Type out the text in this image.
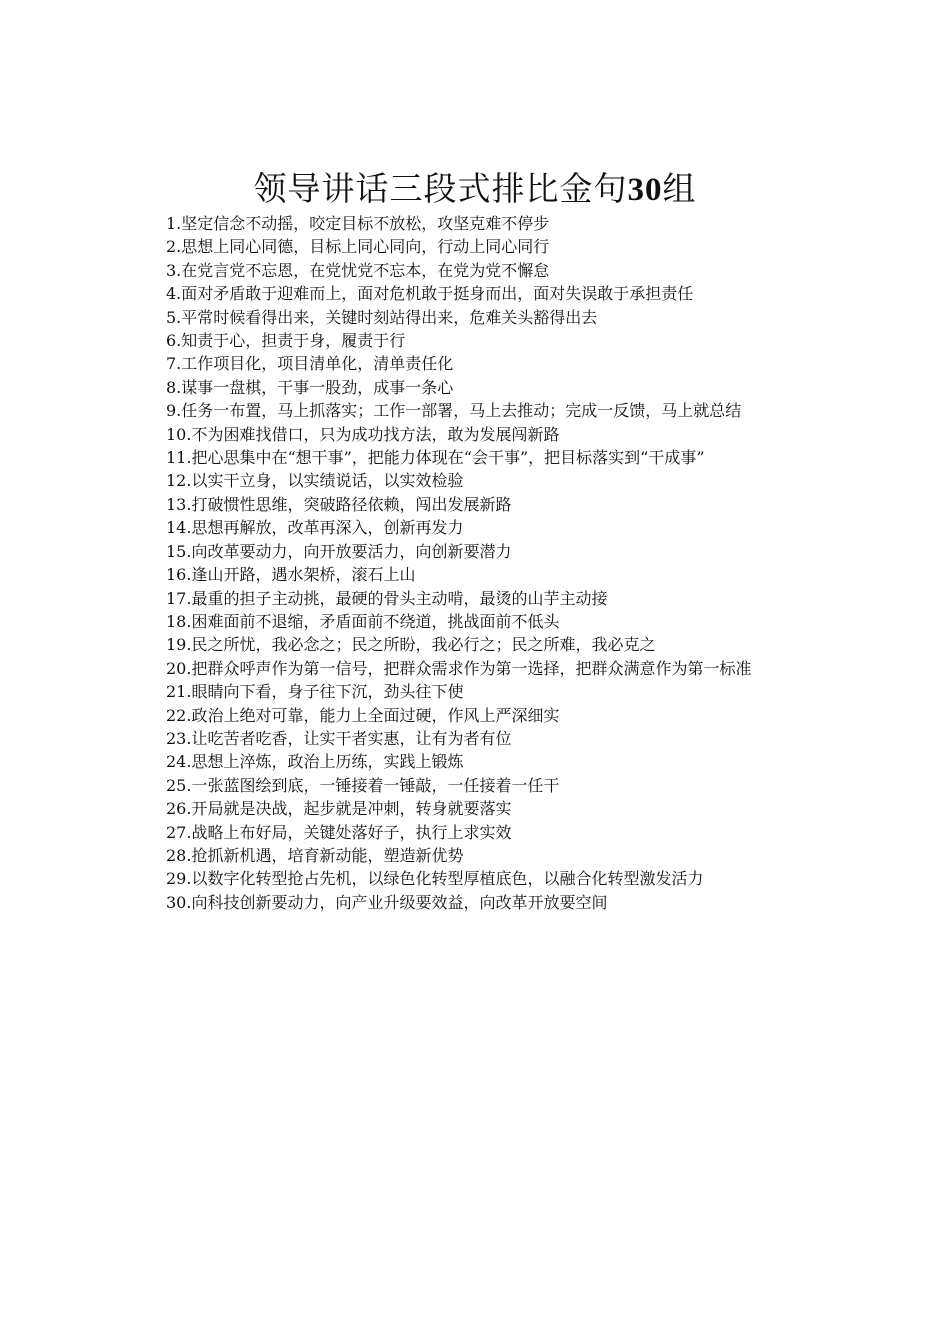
领导讲话三段式排比金句30组
1.坚定信念不动摇，咬定目标不放松，攻坚克难不停步
2.思想上同心同德，目标上同心同向，行动上同心同行
3.在党言党不忘恩，在党忧党不忘本，在党为党不懈怠
4.面对矛盾敢于迎难而上，面对危机敢于挺身而出，面对失误敢于承担责任
5.平常时候看得出来，关键时刻站得出来，危难关头豁得出去
6.知责于心，担责于身，履责于行
7.工作项目化，项目清单化，清单责任化
8.谋事一盘棋，干事一股劲，成事一条心
9.任务一布置，马上抓落实；工作一部署，马上去推动；完成一反馈，马上就总结
10.不为困难找借口，只为成功找方法，敢为发展闯新路
11.把心思集中在“想干事”，把能力体现在“会干事”，把目标落实到“干成事”
12.以实干立身，以实绩说话，以实效检验
13.打破惯性思维，突破路径依赖，闯出发展新路
14.思想再解放，改革再深入，创新再发力
15.向改革要动力，向开放要活力，向创新要潜力
16.逢山开路，遇水架桥，滚石上山
17.最重的担子主动挑，最硬的骨头主动啃，最烫的山芋主动接
18.困难面前不退缩，矛盾面前不绕道，挑战面前不低头
19.民之所忧，我必念之；民之所盼，我必行之；民之所难，我必克之
20.把群众呼声作为第一信号，把群众需求作为第一选择，把群众满意作为第一标准
21.眼睛向下看，身子往下沉，劲头往下使
22.政治上绝对可靠，能力上全面过硬，作风上严深细实
23.让吃苦者吃香，让实干者实惠，让有为者有位
24.思想上淬炼，政治上历练，实践上锻炼
25.一张蓝图绘到底，一锤接着一锤敲，一任接着一任干
26.开局就是决战，起步就是冲刺，转身就要落实
27.战略上布好局，关键处落好子，执行上求实效
28.抢抓新机遇，培育新动能，塑造新优势
29.以数字化转型抢占先机，以绿色化转型厚植底色，以融合化转型激发活力
30.向科技创新要动力，向产业升级要效益，向改革开放要空间
